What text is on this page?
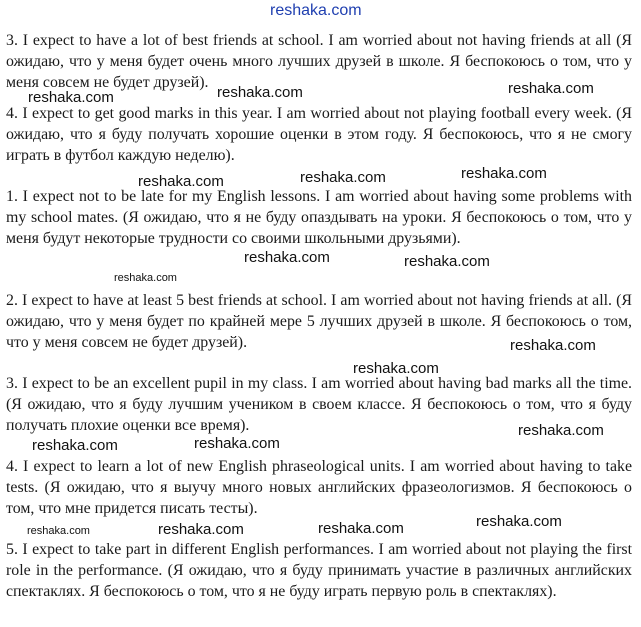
3. I expect to have a lot of best friends at school. I am worried about not having friends at all (Я ожидаю, что у меня будет очень много лучших друзей в школе. Я беспокоюсь о том, что у меня совсем не будет друзей).

4. I expect to get good marks in this year. I am worried about not playing football every week. (Я ожидаю, что я буду получать хорошие оценки в этом году. Я беспокоюсь, что я не смогу играть в футбол каждую неделю).

1. I expect not to be late for my English lessons. I am worried about having some problems with my school mates. (Я ожидаю, что я не буду опаздывать на уроки. Я беспокоюсь о том, что у меня будут некоторые трудности со своими школьными друзьями).

2. I expect to have at least 5 best friends at school. I am worried about not having friends at all. (Я ожидаю, что у меня будет по крайней мере 5 лучших друзей в школе. Я беспокоюсь о том, что у меня совсем не будет друзей).

3. I expect to be an excellent pupil in my class. I am worried about having bad marks all the time. (Я ожидаю, что я буду лучшим учеником в своем классе. Я беспокоюсь о том, что я буду получать плохие оценки все время).

4. I expect to learn a lot of new English phraseological units. I am worried about having to take tests. (Я ожидаю, что я выучу много новых английских фразеологизмов. Я беспокоюсь о том, что мне придется писать тесты).

5. I expect to take part in different English performances. I am worried about not playing the first role in the performance. (Я ожидаю, что я буду принимать участие в различных английских спектаклях. Я беспокоюсь о том, что я не буду играть первую роль в спектаклях).

reshaka.com
reshaka.com	reshaka.com	reshaka.com
reshaka.com	reshaka.com	reshaka.com
reshaka.com	reshaka.com
reshaka.com
reshaka.com
reshaka.com
reshaka.com
reshaka.com	reshaka.com
reshaka.com
reshaka.com	reshaka.com	reshaka.com
